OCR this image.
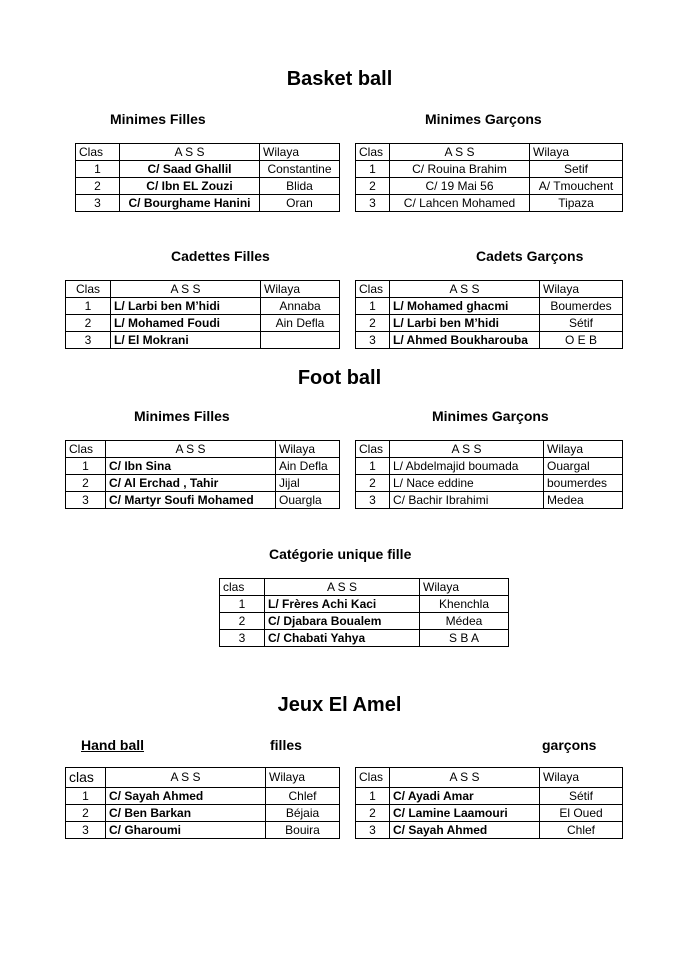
Basket ball
Minimes Filles	Minimes Garçons
Clas	A S S	Wilaya
1	C/ Saad Ghallil	Constantine
2	C/ Ibn EL Zouzi	Blida
3	C/ Bourghame Hanini	Oran
Clas	A S S	Wilaya
1	C/ Rouina Brahim	Setif
2	C/ 19 Mai 56	A/ Tmouchent
3	C/ Lahcen Mohamed	Tipaza
Cadettes Filles	Cadets Garçons
Clas	A S S	Wilaya
1	L/ Larbi ben M’hidi	Annaba
2	L/ Mohamed Foudi	Ain Defla
3	L/ El Mokrani	
Clas	A S S	Wilaya
1	L/ Mohamed ghacmi	Boumerdes
2	L/ Larbi ben M’hidi	Sétif
3	L/ Ahmed Boukharouba	O E B
Foot ball
Minimes Filles	Minimes Garçons
Clas	A S S	Wilaya
1	C/ Ibn Sina	Ain Defla
2	C/ Al Erchad , Tahir	Jijal
3	C/ Martyr Soufi Mohamed	Ouargla
Clas	A S S	Wilaya
1	L/ Abdelmajid boumada	Ouargal
2	L/ Nace eddine	boumerdes
3	C/ Bachir Ibrahimi	Medea
Catégorie unique fille
clas	A S S	Wilaya
1	L/ Frères Achi Kaci	Khenchla
2	C/ Djabara Boualem	Médea
3	C/ Chabati Yahya	S B A
Jeux El Amel
Hand ball	filles	garçons
clas	A S S	Wilaya
1	C/ Sayah Ahmed	Chlef
2	C/ Ben Barkan	Béjaia
3	C/ Gharoumi	Bouira
Clas	A S S	Wilaya
1	C/ Ayadi Amar	Sétif
2	C/ Lamine Laamouri	El Oued
3	C/ Sayah Ahmed	Chlef
